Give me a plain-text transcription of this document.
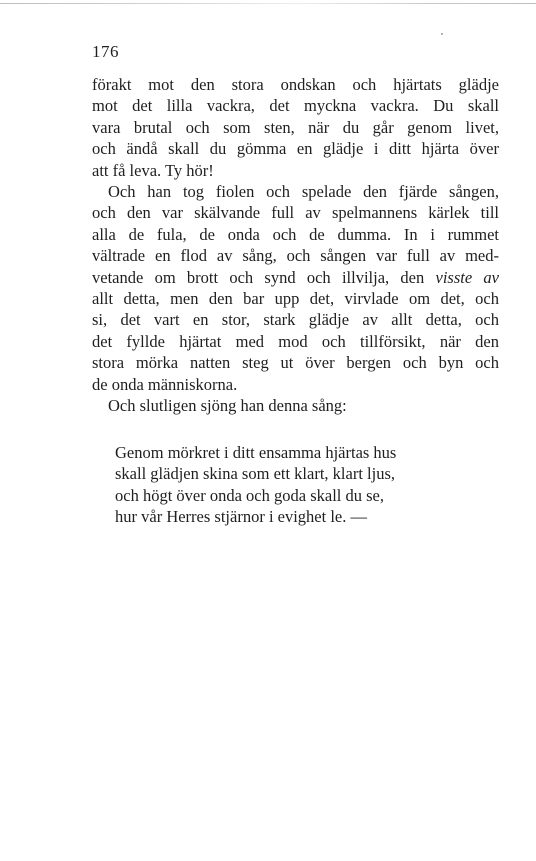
176
förakt mot den stora ondskan och hjärtats glädje
mot det lilla vackra, det myckna vackra. Du skall
vara brutal och som sten, när du går genom livet,
och ändå skall du gömma en glädje i ditt hjärta över
att få leva. Ty hör!
Och han tog fiolen och spelade den fjärde sången,
och den var skälvande full av spelmannens kärlek till
alla de fula, de onda och de dumma. In i rummet
vältrade en flod av sång, och sången var full av med-
vetande om brott och synd och illvilja, den visste av
allt detta, men den bar upp det, virvlade om det, och
si, det vart en stor, stark glädje av allt detta, och
det fyllde hjärtat med mod och tillförsikt, när den
stora mörka natten steg ut över bergen och byn och
de onda människorna.
Och slutligen sjöng han denna sång:
Genom mörkret i ditt ensamma hjärtas hus
skall glädjen skina som ett klart, klart ljus,
och högt över onda och goda skall du se,
hur vår Herres stjärnor i evighet le. —
